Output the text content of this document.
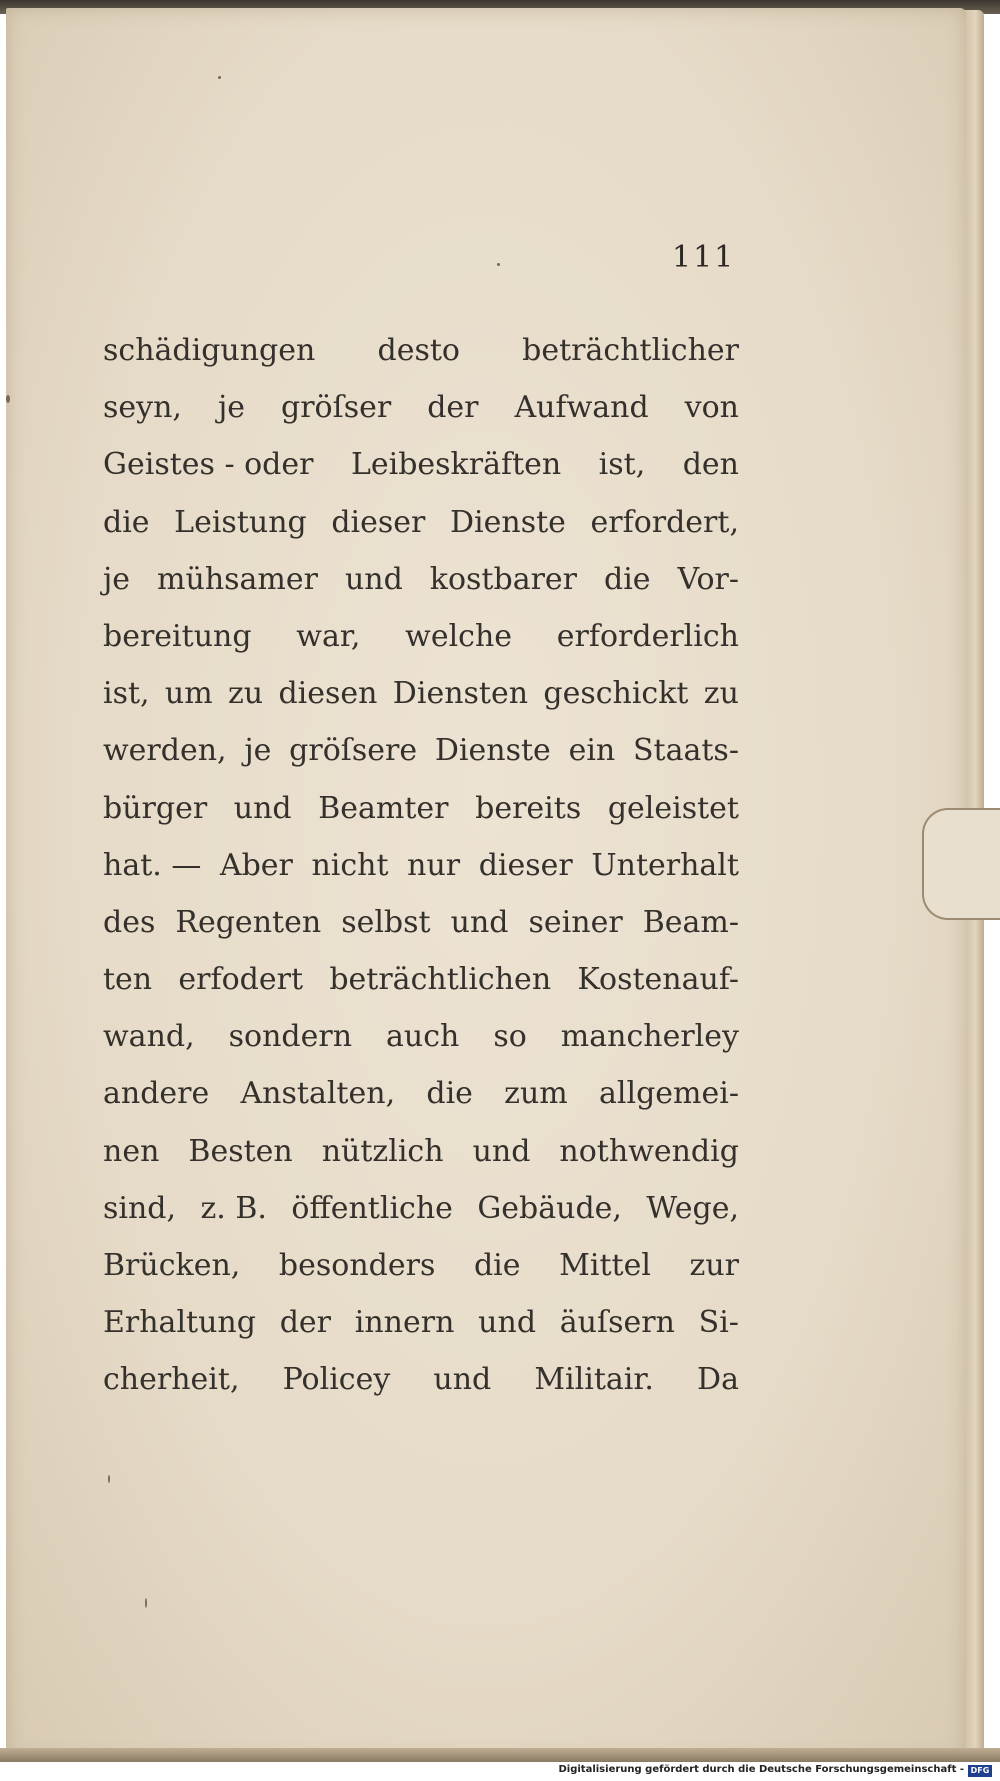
111
schädigungen desto beträchtlicher
seyn, je gröſser der Aufwand von
Geistes - oder Leibeskräften ist, den
die Leistung dieser Dienste erfordert,
je mühsamer und kostbarer die Vor-
bereitung war, welche erforderlich
ist, um zu diesen Diensten geschickt zu
werden, je gröſsere Dienste ein Staats-
bürger und Beamter bereits geleistet
hat. — Aber nicht nur dieser Unterhalt
des Regenten selbst und seiner Beam-
ten erfodert beträchtlichen Kostenauf-
wand, sondern auch so mancherley
andere Anstalten, die zum allgemei-
nen Besten nützlich und nothwendig
sind, z. B. öffentliche Gebäude, Wege,
Brücken, besonders die Mittel zur
Erhaltung der innern und äuſsern Si-
cherheit, Policey und Militair. Da
Digitalisierung gefördert durch die Deutsche Forschungsgemeinschaft - DFG
